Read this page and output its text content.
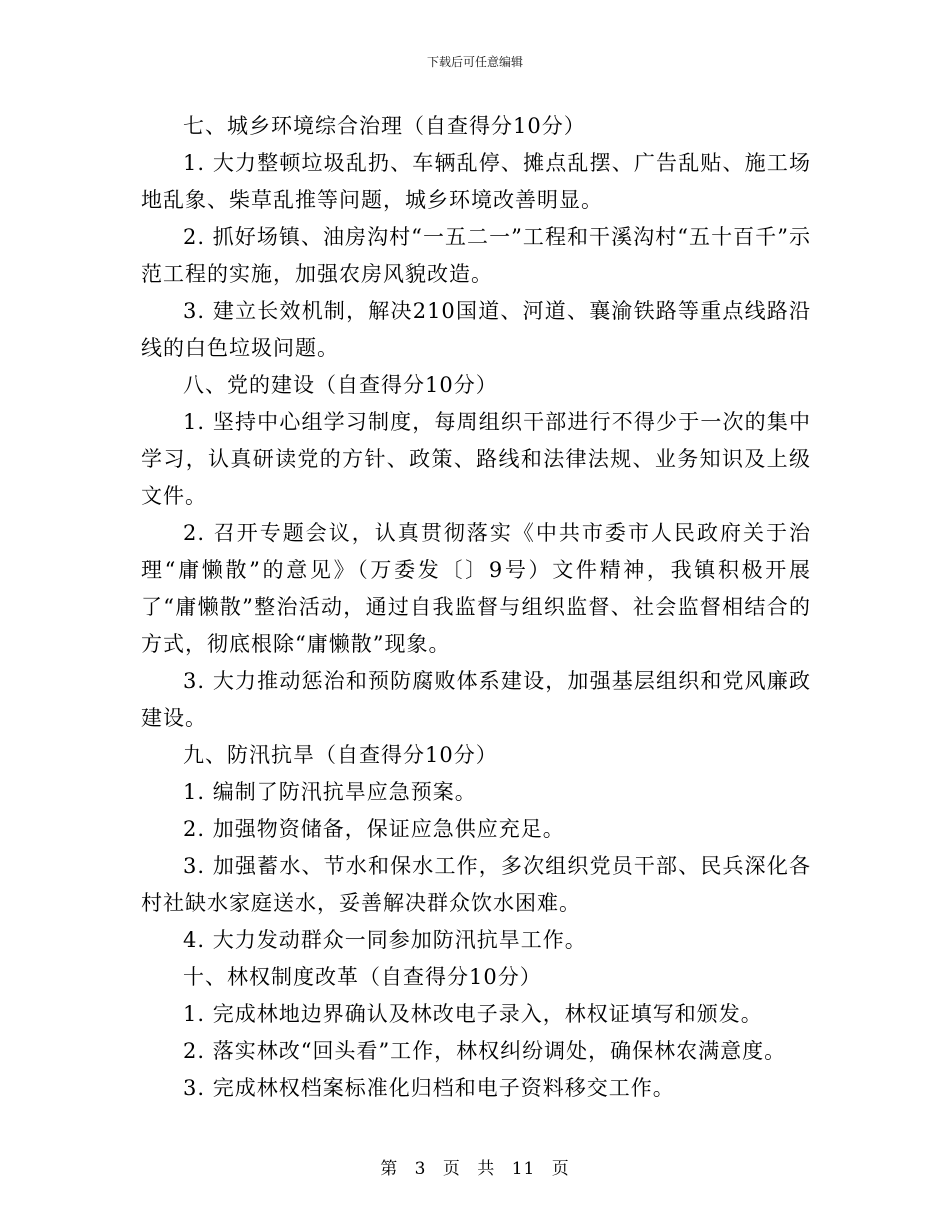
下载后可任意编辑

七、城乡环境综合治理（自查得分10分）

1. 大力整顿垃圾乱扔、车辆乱停、摊点乱摆、广告乱贴、施工场地乱象、柴草乱推等问题，城乡环境改善明显。

2. 抓好场镇、油房沟村“一五二一”工程和干溪沟村“五十百千”示范工程的实施，加强农房风貌改造。

3. 建立长效机制，解决210国道、河道、襄渝铁路等重点线路沿线的白色垃圾问题。

八、党的建设（自查得分10分）

1. 坚持中心组学习制度，每周组织干部进行不得少于一次的集中学习，认真研读党的方针、政策、路线和法律法规、业务知识及上级文件。

2. 召开专题会议，认真贯彻落实《中共市委市人民政府关于治理“庸懒散”的意见》（万委发〔〕9号）文件精神，我镇积极开展了“庸懒散”整治活动，通过自我监督与组织监督、社会监督相结合的方式，彻底根除“庸懒散”现象。

3. 大力推动惩治和预防腐败体系建设，加强基层组织和党风廉政建设。

九、防汛抗旱（自查得分10分）

1. 编制了防汛抗旱应急预案。

2. 加强物资储备，保证应急供应充足。

3. 加强蓄水、节水和保水工作，多次组织党员干部、民兵深化各村社缺水家庭送水，妥善解决群众饮水困难。

4. 大力发动群众一同参加防汛抗旱工作。

十、林权制度改革（自查得分10分）

1. 完成林地边界确认及林改电子录入，林权证填写和颁发。

2. 落实林改“回头看”工作，林权纠纷调处，确保林农满意度。

3. 完成林权档案标准化归档和电子资料移交工作。

第 3 页 共 11 页
